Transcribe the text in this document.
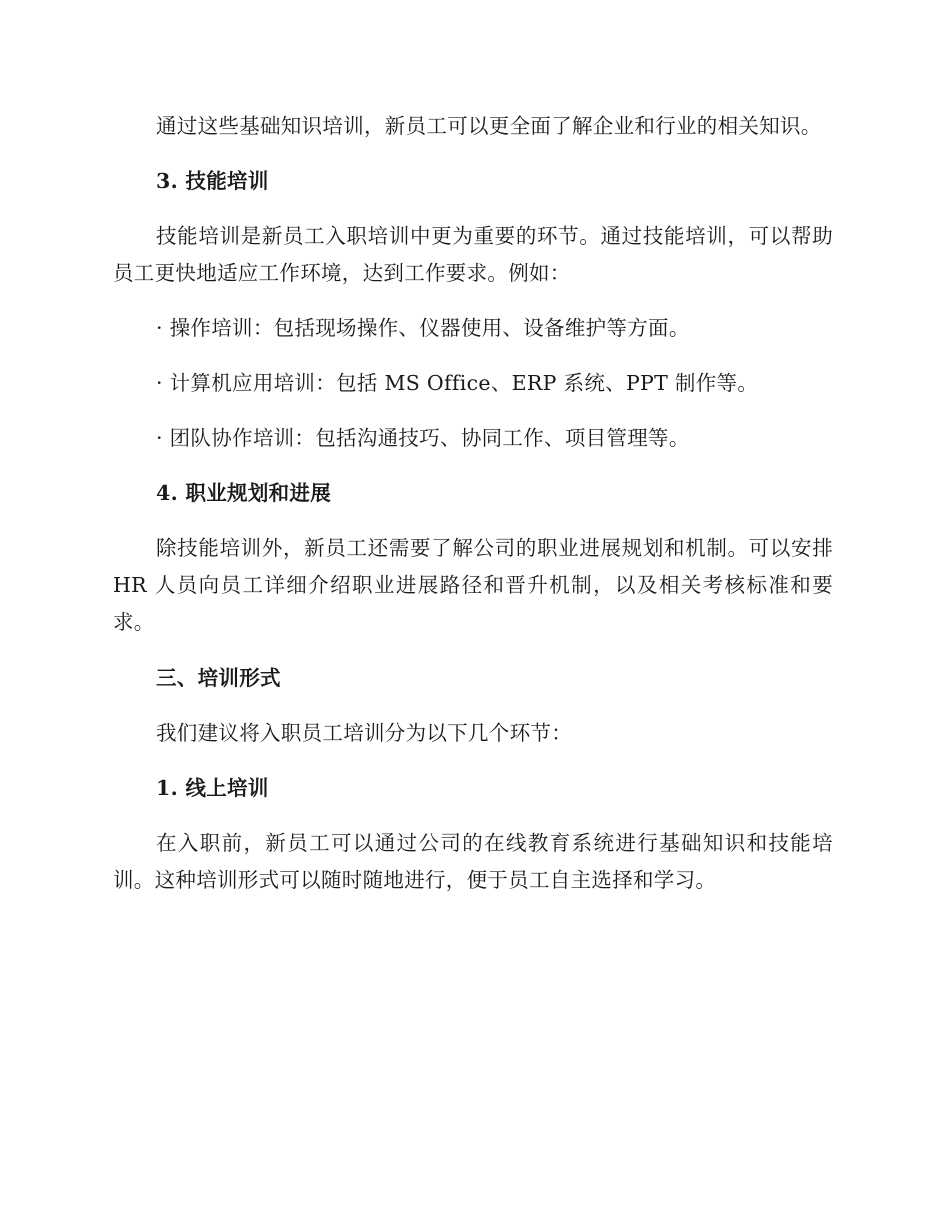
通过这些基础知识培训，新员工可以更全面了解企业和行业的相关知识。

3. 技能培训

技能培训是新员工入职培训中更为重要的环节。通过技能培训，可以帮助员工更快地适应工作环境，达到工作要求。例如：

· 操作培训：包括现场操作、仪器使用、设备维护等方面。

· 计算机应用培训：包括 MS Office、ERP 系统、PPT 制作等。

· 团队协作培训：包括沟通技巧、协同工作、项目管理等。

4. 职业规划和进展

除技能培训外，新员工还需要了解公司的职业进展规划和机制。可以安排 HR 人员向员工详细介绍职业进展路径和晋升机制，以及相关考核标准和要求。

三、培训形式

我们建议将入职员工培训分为以下几个环节：

1. 线上培训

在入职前，新员工可以通过公司的在线教育系统进行基础知识和技能培训。这种培训形式可以随时随地进行，便于员工自主选择和学习。
